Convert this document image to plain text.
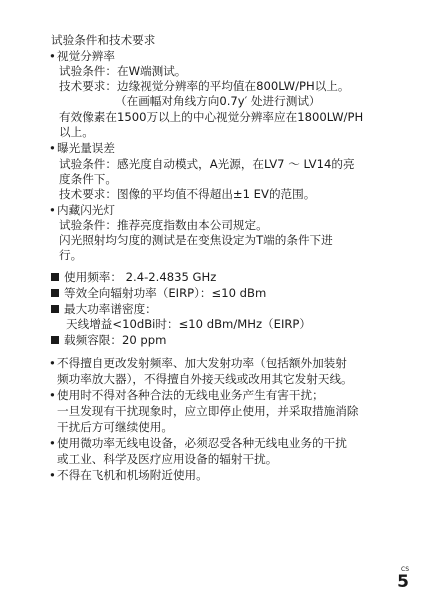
试验条件和技术要求
• 视觉分辨率
试验条件：在W端测试。
技术要求：边缘视觉分辨率的平均值在800LW/PH以上。
（在画幅对角线方向0.7y′ 处进行测试）
有效像素在1500万以上的中心视觉分辨率应在1800LW/PH
以上。
• 曝光量误差
试验条件：感光度自动模式，A光源，在LV7 ～ LV14的亮
度条件下。
技术要求：图像的平均值不得超出±1 EV的范围。
• 内藏闪光灯
试验条件：推荐亮度指数由本公司规定。
闪光照射均匀度的测试是在变焦设定为T端的条件下进
行。
使用频率： 2.4-2.4835 GHz
等效全向辐射功率（EIRP）：≤10 dBm
最大功率谱密度：
天线增益<10dBi时：≤10 dBm/MHz（EIRP）
载频容限：20 ppm
• 不得擅自更改发射频率、加大发射功率（包括额外加装射
频功率放大器），不得擅自外接天线或改用其它发射天线。
• 使用时不得对各种合法的无线电业务产生有害干扰；
一旦发现有干扰现象时，应立即停止使用，并采取措施消除
干扰后方可继续使用。
• 使用微功率无线电设备，必须忍受各种无线电业务的干扰
或工业、科学及医疗应用设备的辐射干扰。
• 不得在飞机和机场附近使用。
CS
5
